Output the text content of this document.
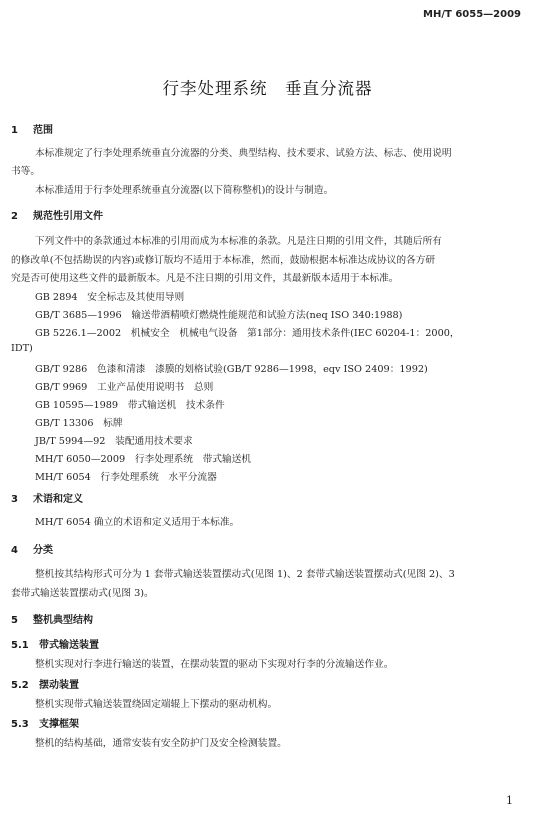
MH/T 6055—2009
行李处理系统　垂直分流器
1 范围
本标准规定了行李处理系统垂直分流器的分类、典型结构、技术要求、试验方法、标志、使用说明
书等。
本标准适用于行李处理系统垂直分流器(以下简称整机)的设计与制造。
2 规范性引用文件
下列文件中的条款通过本标准的引用而成为本标准的条款。凡是注日期的引用文件，其随后所有
的修改单(不包括勘误的内容)或修订版均不适用于本标准，然而，鼓励根据本标准达成协议的各方研
究是否可使用这些文件的最新版本。凡是不注日期的引用文件，其最新版本适用于本标准。
GB 2894　安全标志及其使用导则
GB/T 3685—1996　输送带酒精喷灯燃烧性能规范和试验方法(neq ISO 340:1988)
GB 5226.1—2002　机械安全　机械电气设备　第1部分：通用技术条件(IEC 60204-1：2000，
IDT)
GB/T 9286　色漆和清漆　漆膜的划格试验(GB/T 9286—1998，eqv ISO 2409：1992)
GB/T 9969　工业产品使用说明书　总则
GB 10595—1989　带式输送机　技术条件
GB/T 13306　标牌
JB/T 5994—92　装配通用技术要求
MH/T 6050—2009　行李处理系统　带式输送机
MH/T 6054　行李处理系统　水平分流器
3 术语和定义
MH/T 6054 确立的术语和定义适用于本标准。
4 分类
整机按其结构形式可分为 1 套带式输送装置摆动式(见图 1)、2 套带式输送装置摆动式(见图 2)、3
套带式输送装置摆动式(见图 3)。
5 整机典型结构
5.1 带式输送装置
整机实现对行李进行输送的装置，在摆动装置的驱动下实现对行李的分流输送作业。
5.2 摆动装置
整机实现带式输送装置绕固定端辊上下摆动的驱动机构。
5.3 支撑框架
整机的结构基础，通常安装有安全防护门及安全检测装置。
1
